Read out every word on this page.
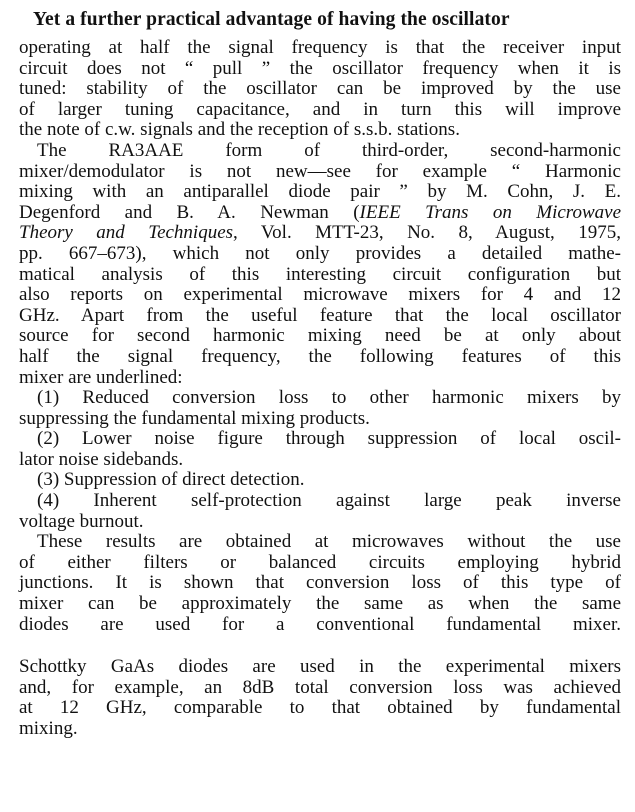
Yet a further practical advantage of having the oscillator
operating at half the signal frequency is that the receiver input
circuit does not “ pull ” the oscillator frequency when it is
tuned: stability of the oscillator can be improved by the use
of larger tuning capacitance, and in turn this will improve
the note of c.w. signals and the reception of s.s.b. stations.
The RA3AAE form of third-order, second-harmonic
mixer/demodulator is not new—see for example “ Harmonic
mixing with an antiparallel diode pair ” by M. Cohn, J. E.
Degenford and B. A. Newman (IEEE Trans on Microwave
Theory and Techniques, Vol. MTT-23, No. 8, August, 1975,
pp. 667–673), which not only provides a detailed mathe-
matical analysis of this interesting circuit configuration but
also reports on experimental microwave mixers for 4 and 12
GHz. Apart from the useful feature that the local oscillator
source for second harmonic mixing need be at only about
half the signal frequency, the following features of this
mixer are underlined:
(1) Reduced conversion loss to other harmonic mixers by
suppressing the fundamental mixing products.
(2) Lower noise figure through suppression of local oscil-
lator noise sidebands.
(3) Suppression of direct detection.
(4) Inherent self-protection against large peak inverse
voltage burnout.
These results are obtained at microwaves without the use
of either filters or balanced circuits employing hybrid
junctions. It is shown that conversion loss of this type of
mixer can be approximately the same as when the same
diodes are used for a conventional fundamental mixer.
Schottky GaAs diodes are used in the experimental mixers
and, for example, an 8dB total conversion loss was achieved
at 12 GHz, comparable to that obtained by fundamental
mixing.
